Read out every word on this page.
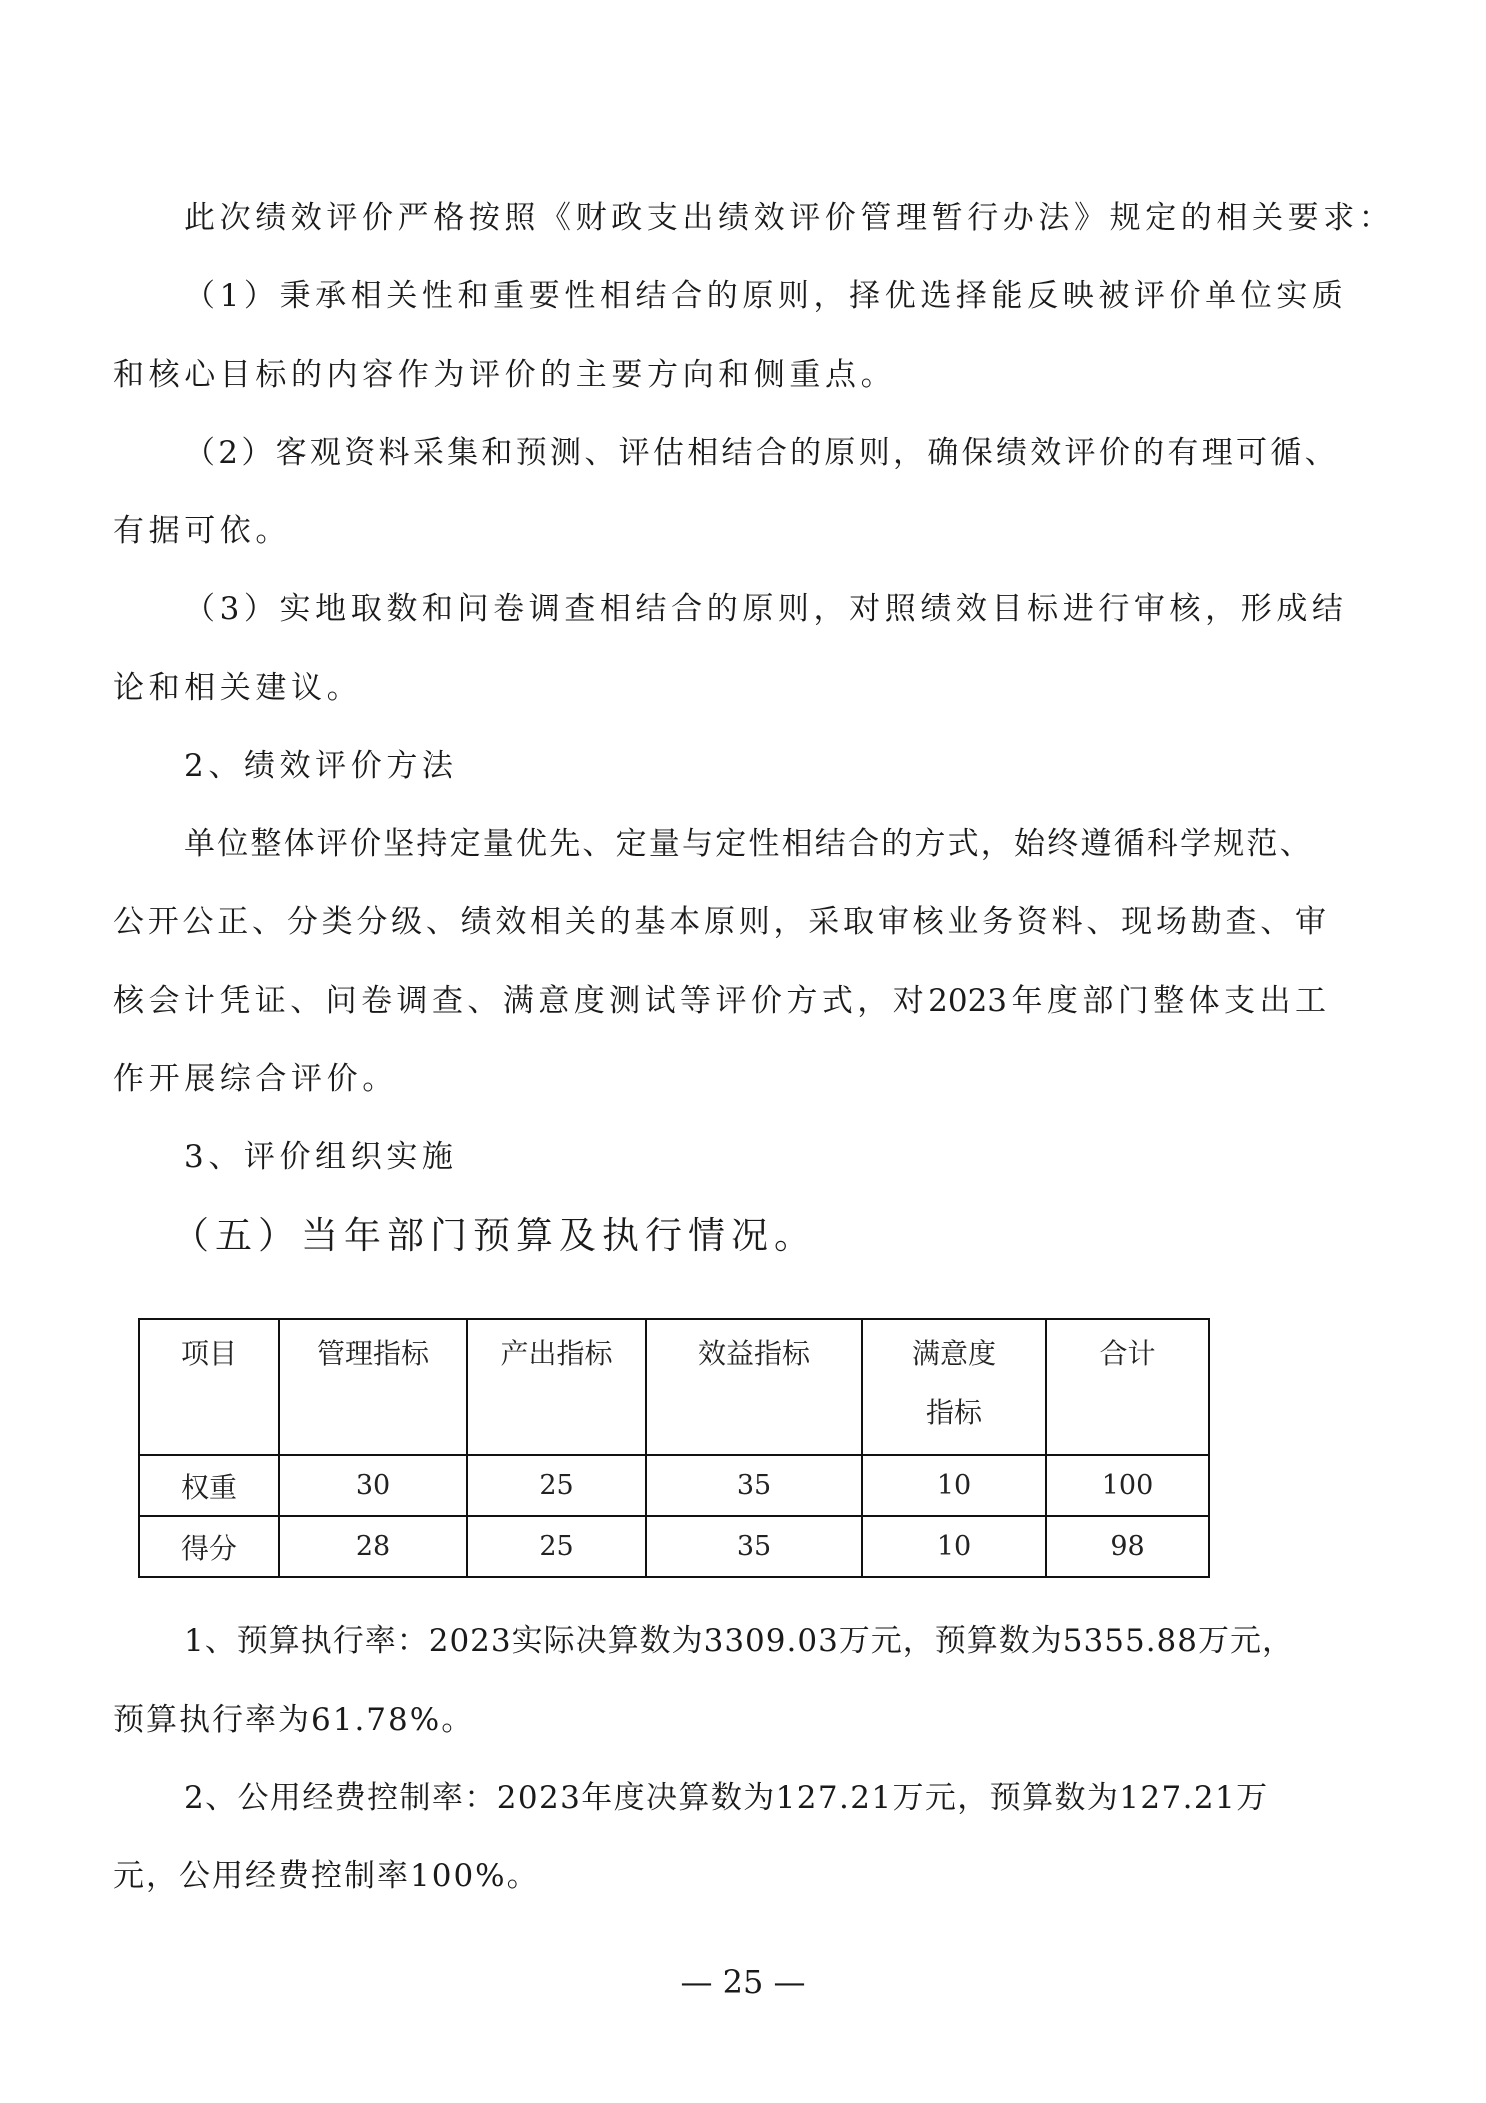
此次绩效评价严格按照《财政支出绩效评价管理暂行办法》规定的相关要求：
（1）秉承相关性和重要性相结合的原则，择优选择能反映被评价单位实质
和核心目标的内容作为评价的主要方向和侧重点。
（2）客观资料采集和预测、评估相结合的原则，确保绩效评价的有理可循、
有据可依。
（3）实地取数和问卷调查相结合的原则，对照绩效目标进行审核，形成结
论和相关建议。
2、绩效评价方法
单位整体评价坚持定量优先、定量与定性相结合的方式，始终遵循科学规范、
公开公正、分类分级、绩效相关的基本原则，采取审核业务资料、现场勘查、审
核会计凭证、问卷调查、满意度测试等评价方式，对2023年度部门整体支出工
作开展综合评价。
3、评价组织实施
（五）当年部门预算及执行情况。
项目	管理指标	产出指标	效益指标	满意度指标	合计
权重	30	25	35	10	100
得分	28	25	35	10	98
1、预算执行率：2023实际决算数为3309.03万元，预算数为5355.88万元，
预算执行率为61.78%。
2、公用经费控制率：2023年度决算数为127.21万元，预算数为127.21万
元，公用经费控制率100%。
— 25 —
